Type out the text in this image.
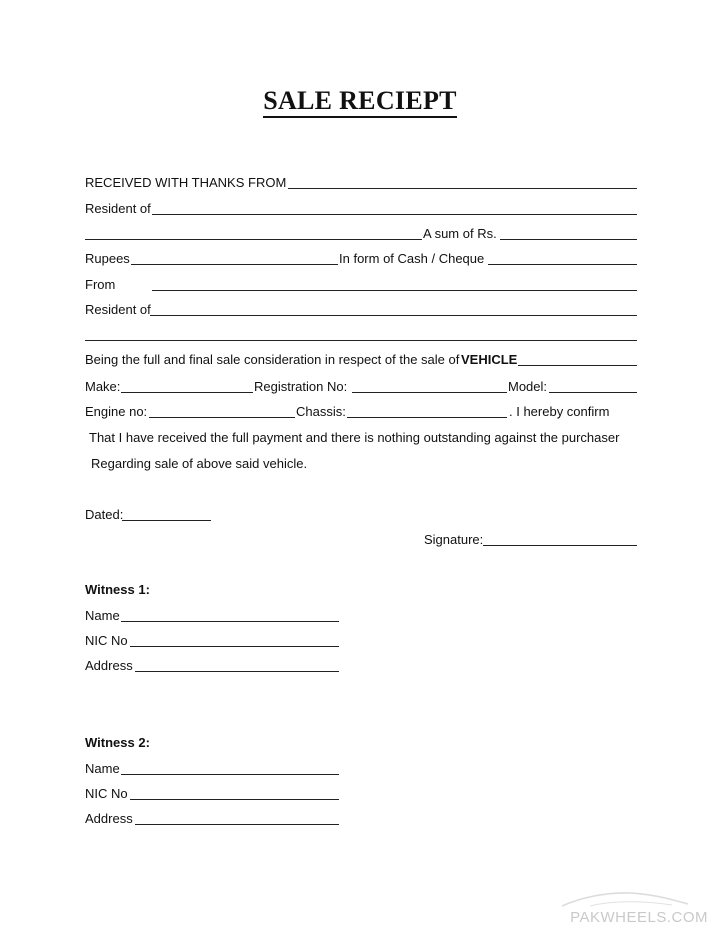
SALE RECIEPT
RECEIVED WITH THANKS FROM
Resident of
A sum of Rs.
Rupees	In form of Cash / Cheque
From
Resident of
Being the full and final sale consideration in respect of the sale of VEHICLE
Make:	Registration No:	Model:
Engine no:	Chassis:	. I hereby confirm
That I have received the full payment and there is nothing outstanding against the purchaser
Regarding sale of above said vehicle.
Dated:
Signature:
Witness 1:
Name
NIC No
Address
Witness 2:
Name
NIC No
Address
PAKWHEELS.COM
